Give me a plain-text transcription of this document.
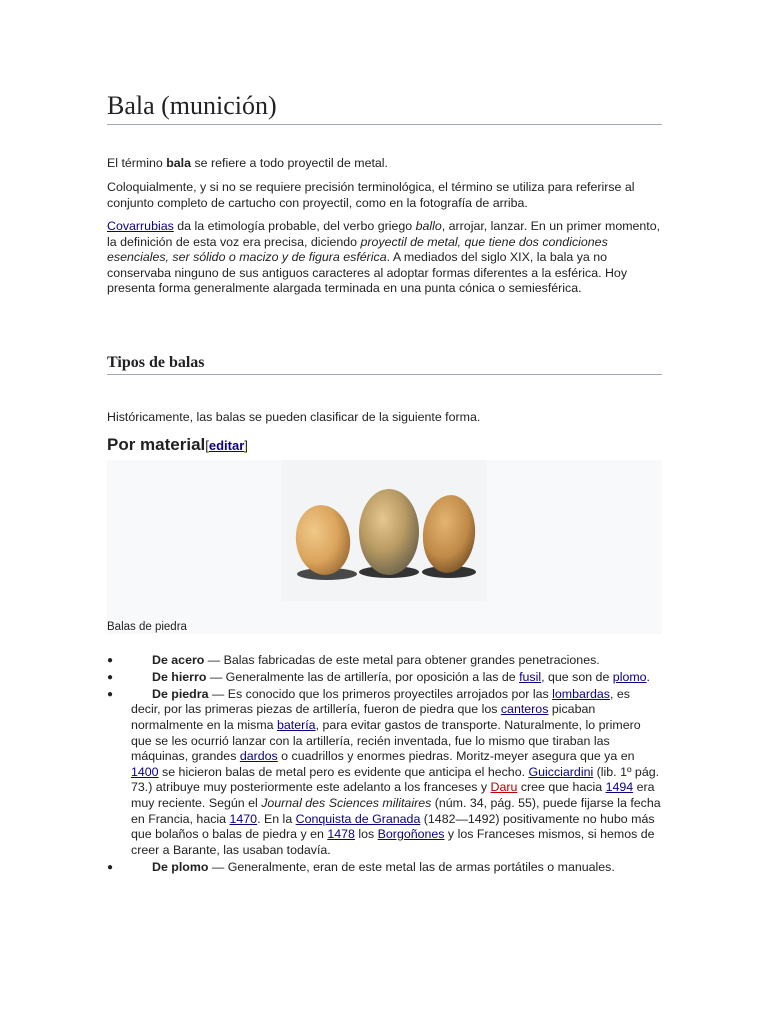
Bala (munición)

El término bala se refiere a todo proyectil de metal.

Coloquialmente, y si no se requiere precisión terminológica, el término se utiliza para referirse al conjunto completo de cartucho con proyectil, como en la fotografía de arriba.

Covarrubias da la etimología probable, del verbo griego ballo, arrojar, lanzar. En un primer momento, la definición de esta voz era precisa, diciendo proyectil de metal, que tiene dos condiciones esenciales, ser sólido o macizo y de figura esférica. A mediados del siglo XIX, la bala ya no conservaba ninguno de sus antiguos caracteres al adoptar formas diferentes a la esférica. Hoy presenta forma generalmente alargada terminada en una punta cónica o semiesférica.

Tipos de balas

Históricamente, las balas se pueden clasificar de la siguiente forma.

Por material[editar]
Balas de piedra
●	De acero — Balas fabricadas de este metal para obtener grandes penetraciones.
●	De hierro — Generalmente las de artillería, por oposición a las de fusil, que son de plomo.
●	De piedra — Es conocido que los primeros proyectiles arrojados por las lombardas, es decir, por las primeras piezas de artillería, fueron de piedra que los canteros picaban normalmente en la misma batería, para evitar gastos de transporte. Naturalmente, lo primero que se les ocurrió lanzar con la artillería, recién inventada, fue lo mismo que tiraban las máquinas, grandes dardos o cuadrillos y enormes piedras. Moritz-meyer asegura que ya en 1400 se hicieron balas de metal pero es evidente que anticipa el hecho. Guicciardini (lib. 1º pág. 73.) atribuye muy posteriormente este adelanto a los franceses y Daru cree que hacia 1494 era muy reciente. Según el Journal des Sciences militaires (núm. 34, pág. 55), puede fijarse la fecha en Francia, hacia 1470. En la Conquista de Granada (1482—1492) positivamente no hubo más que bolaños o balas de piedra y en 1478 los Borgoñones y los Franceses mismos, si hemos de creer a Barante, las usaban todavía.
●	De plomo — Generalmente, eran de este metal las de armas portátiles o manuales.
